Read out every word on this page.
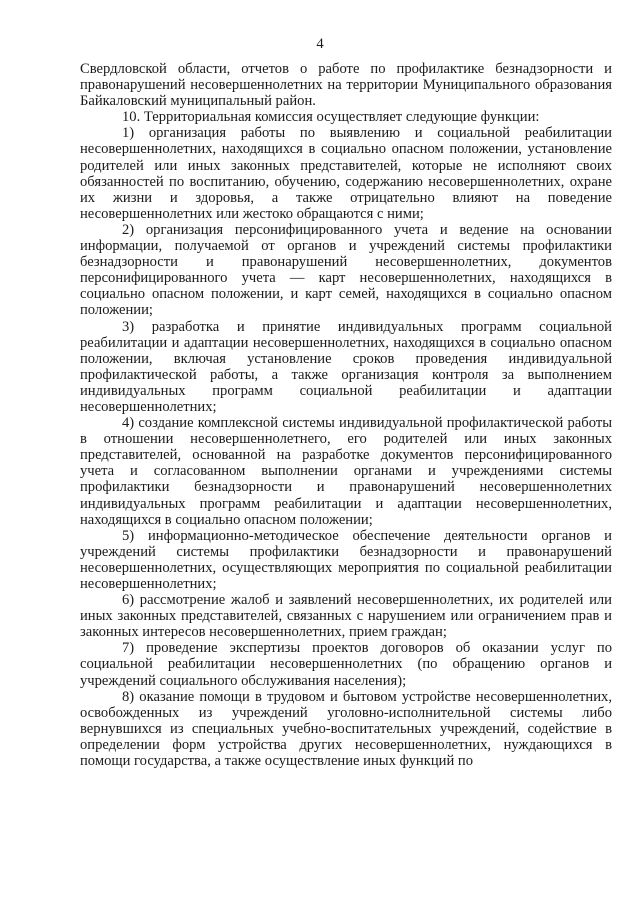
4

Свердловской области, отчетов о работе по профилактике безнадзорности и правонарушений несовершеннолетних на территории Муниципального образования Байкаловский муниципальный район.

10. Территориальная комиссия осуществляет следующие функции:

1) организация работы по выявлению и социальной реабилитации несовершеннолетних, находящихся в социально опасном положении, установление родителей или иных законных представителей, которые не исполняют своих обязанностей по воспитанию, обучению, содержанию несовершеннолетних, охране их жизни и здоровья, а также отрицательно влияют на поведение несовершеннолетних или жестоко обращаются с ними;

2) организация персонифицированного учета и ведение на основании информации, получаемой от органов и учреждений системы профилактики безнадзорности и правонарушений несовершеннолетних, документов персонифицированного учета — карт несовершеннолетних, находящихся в социально опасном положении, и карт семей, находящихся в социально опасном положении;

3) разработка и принятие индивидуальных программ социальной реабилитации и адаптации несовершеннолетних, находящихся в социально опасном положении, включая установление сроков проведения индивидуальной профилактической работы, а также организация контроля за выполнением индивидуальных программ социальной реабилитации и адаптации несовершеннолетних;

4) создание комплексной системы индивидуальной профилактической работы в отношении несовершеннолетнего, его родителей или иных законных представителей, основанной на разработке документов персонифицированного учета и согласованном выполнении органами и учреждениями системы профилактики безнадзорности и правонарушений несовершеннолетних индивидуальных программ реабилитации и адаптации несовершеннолетних, находящихся в социально опасном положении;

5) информационно-методическое обеспечение деятельности органов и учреждений системы профилактики безнадзорности и правонарушений несовершеннолетних, осуществляющих мероприятия по социальной реабилитации несовершеннолетних;

6) рассмотрение жалоб и заявлений несовершеннолетних, их родителей или иных законных представителей, связанных с нарушением или ограничением прав и законных интересов несовершеннолетних, прием граждан;

7) проведение экспертизы проектов договоров об оказании услуг по социальной реабилитации несовершеннолетних (по обращению органов и учреждений социального обслуживания населения);

8) оказание помощи в трудовом и бытовом устройстве несовершеннолетних, освобожденных из учреждений уголовно-исполнительной системы либо вернувшихся из специальных учебно-воспитательных учреждений, содействие в определении форм устройства других несовершеннолетних, нуждающихся в помощи государства, а также осуществление иных функций по
